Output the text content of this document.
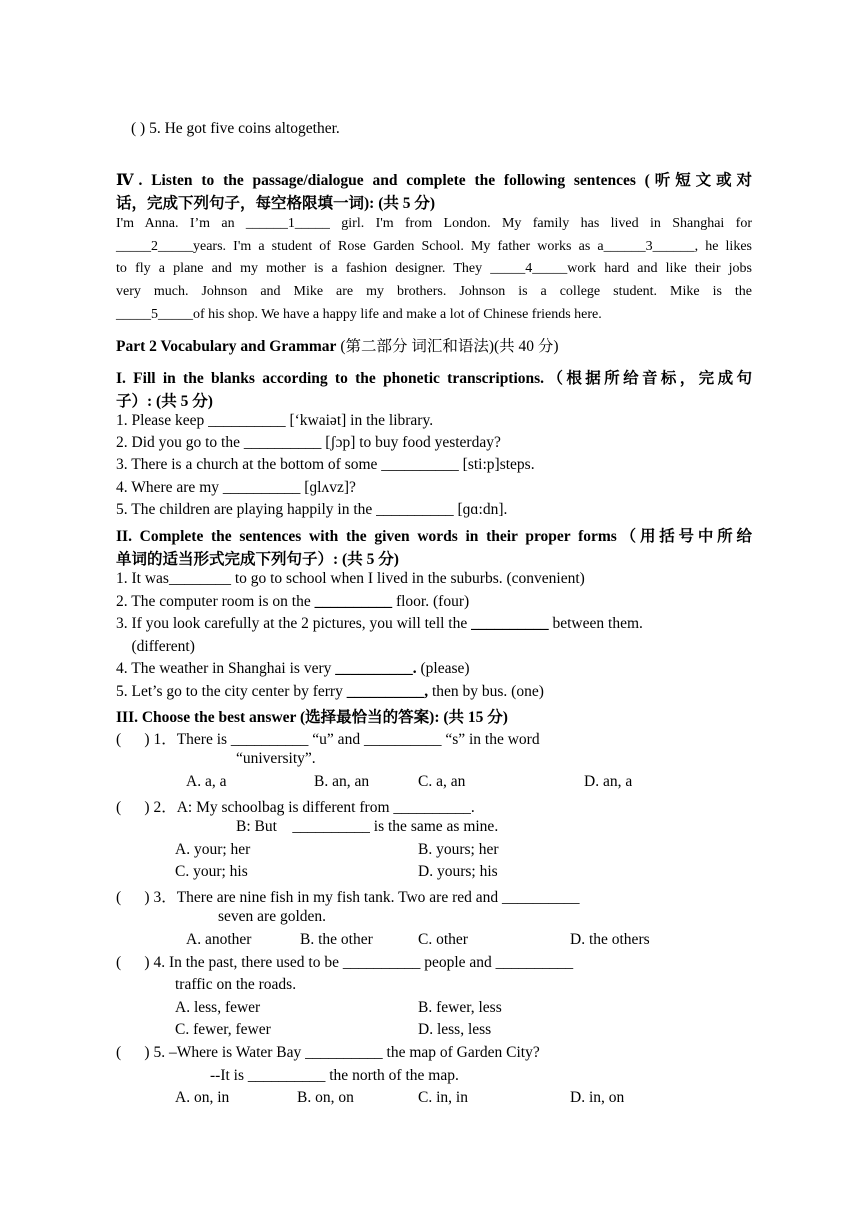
( ) 5. He got five coins altogether.
Ⅳ. Listen to the passage/dialogue and complete the following sentences (听短文或对
话，完成下列句子，每空格限填一词): (共 5 分)
I'm Anna. I’m an ______1_____ girl. I'm from London. My family has lived in Shanghai for
_____2_____years. I'm a student of Rose Garden School. My father works as a______3______, he likes
to fly a plane and my mother is a fashion designer. They _____4_____work hard and like their jobs
very much. Johnson and Mike are my brothers. Johnson is a college student. Mike is the
_____5_____of his shop. We have a happy life and make a lot of Chinese friends here.
Part 2 Vocabulary and Grammar (第二部分 词汇和语法)(共 40 分)
I. Fill in the blanks according to the phonetic transcriptions.（根据所给音标，完成句
子）: (共 5 分)
1. Please keep __________ [‘kwaiət] in the library.
2. Did you go to the __________ [ʃɔp] to buy food yesterday?
3. There is a church at the bottom of some __________ [sti:p]steps.
4. Where are my __________ [ɡlʌvz]?
5. The children are playing happily in the __________ [ɡɑ:dn].
II. Complete the sentences with the given words in their proper forms（用括号中所给
单词的适当形式完成下列句子）: (共 5 分)
1. It was________ to go to school when I lived in the suburbs. (convenient)
2. The computer room is on the __________ floor. (four)
3. If you look carefully at the 2 pictures, you will tell the __________ between them.
(different)
4. The weather in Shanghai is very __________. (please)
5. Let’s go to the city center by ferry __________, then by bus. (one)
III. Choose the best answer (选择最恰当的答案): (共 15 分)
(      ) 1．There is __________ “u” and __________ “s” in the word
“university”.
A. a, a	B. an, an	C. a, an	D. an, a
(      ) 2．A: My schoolbag is different from __________.
B: But    __________ is the same as mine.
A. your; her	B. yours; her
C. your; his	D. yours; his
(      ) 3．There are nine fish in my fish tank. Two are red and __________
seven are golden.
A. another	B. the other	C. other	D. the others
(      ) 4. In the past, there used to be __________ people and __________
traffic on the roads.
A. less, fewer	B. fewer, less
C. fewer, fewer	D. less, less
(      ) 5. –Where is Water Bay __________ the map of Garden City?
--It is __________ the north of the map.
A. on, in	B. on, on	C. in, in	D. in, on
